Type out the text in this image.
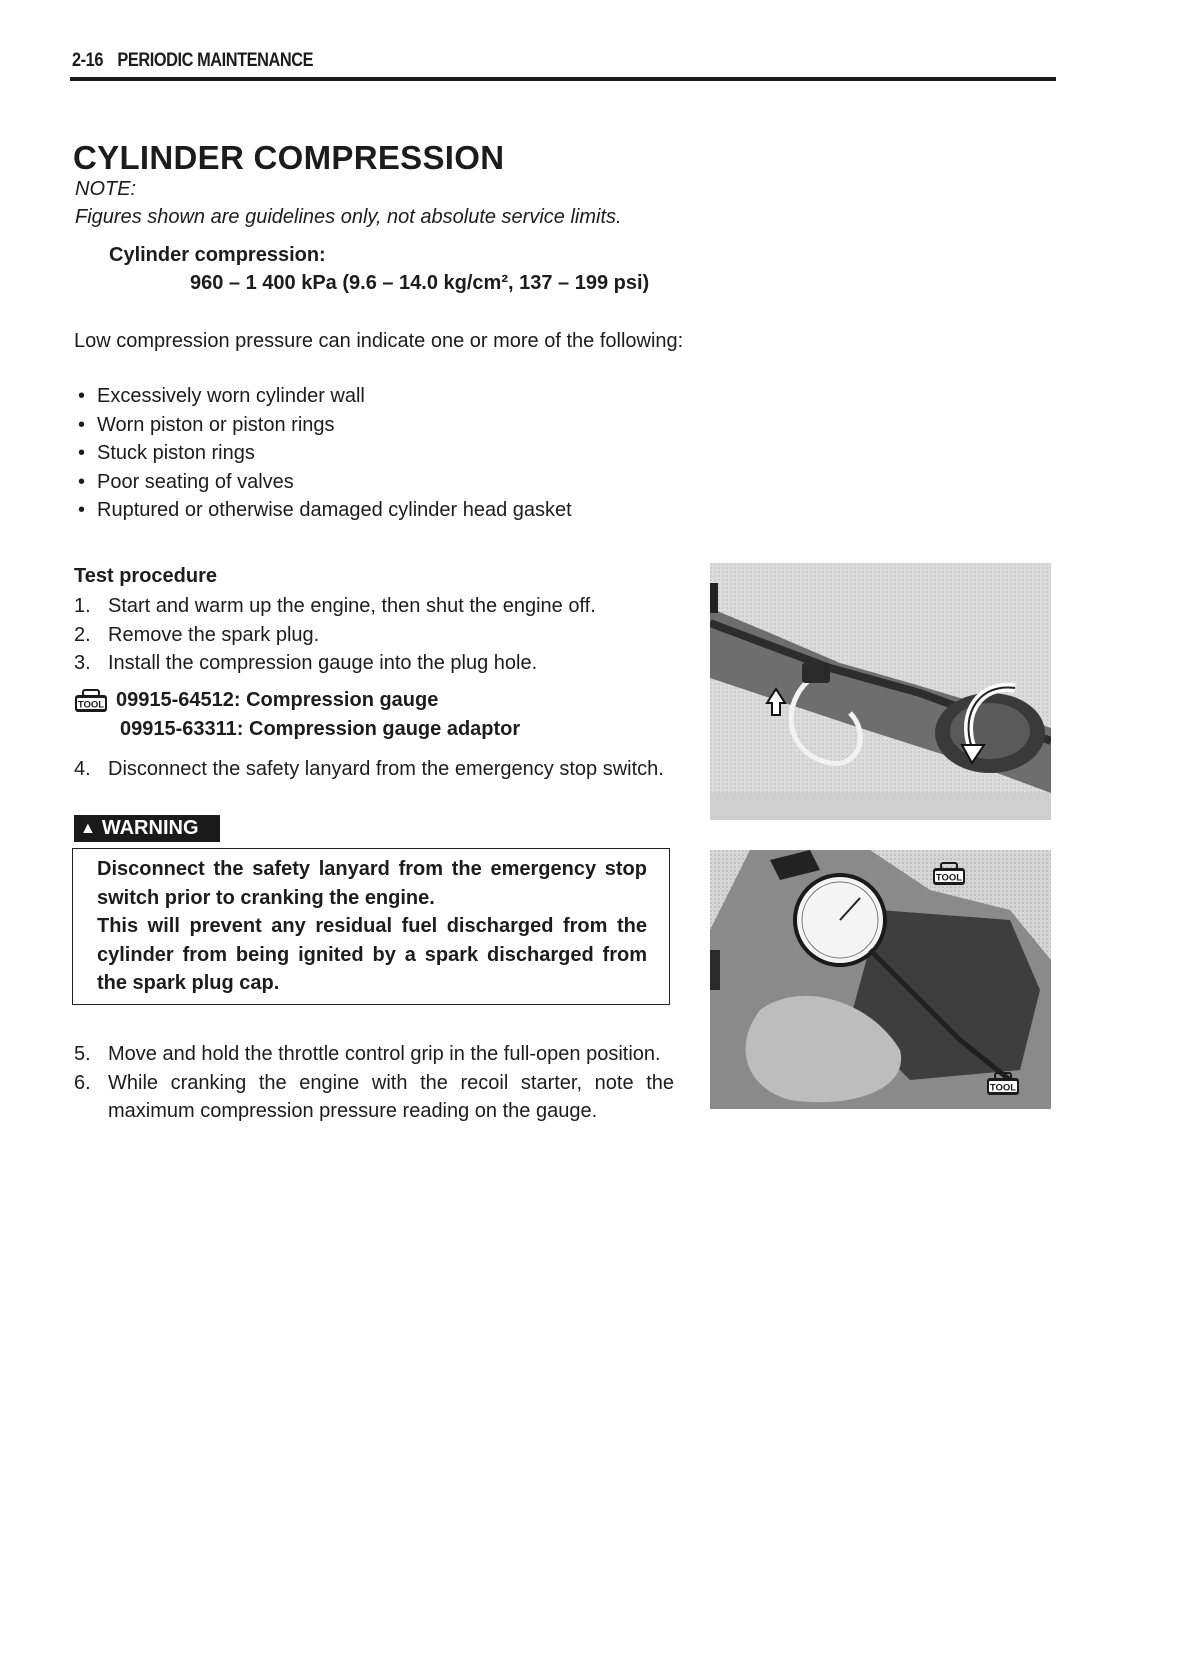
2-16 PERIODIC MAINTENANCE
CYLINDER COMPRESSION
NOTE:
Figures shown are guidelines only, not absolute service limits.
Cylinder compression:
960 – 1 400 kPa (9.6 – 14.0 kg/cm², 137 – 199 psi)
Low compression pressure can indicate one or more of the following:
• Excessively worn cylinder wall
• Worn piston or piston rings
• Stuck piston rings
• Poor seating of valves
• Ruptured or otherwise damaged cylinder head gasket
Test procedure
1. Start and warm up the engine, then shut the engine off.
2. Remove the spark plug.
3. Install the compression gauge into the plug hole.
TOOL 09915-64512: Compression gauge
09915-63311: Compression gauge adaptor
4. Disconnect the safety lanyard from the emergency stop switch.
▲ WARNING

Disconnect the safety lanyard from the emergency stop switch prior to cranking the engine.

This will prevent any residual fuel discharged from the cylinder from being ignited by a spark discharged from the spark plug cap.

5. Move and hold the throttle control grip in the full-open position.
6. While cranking the engine with the recoil starter, note the maximum compression pressure reading on the gauge.
TOOL
TOOL
